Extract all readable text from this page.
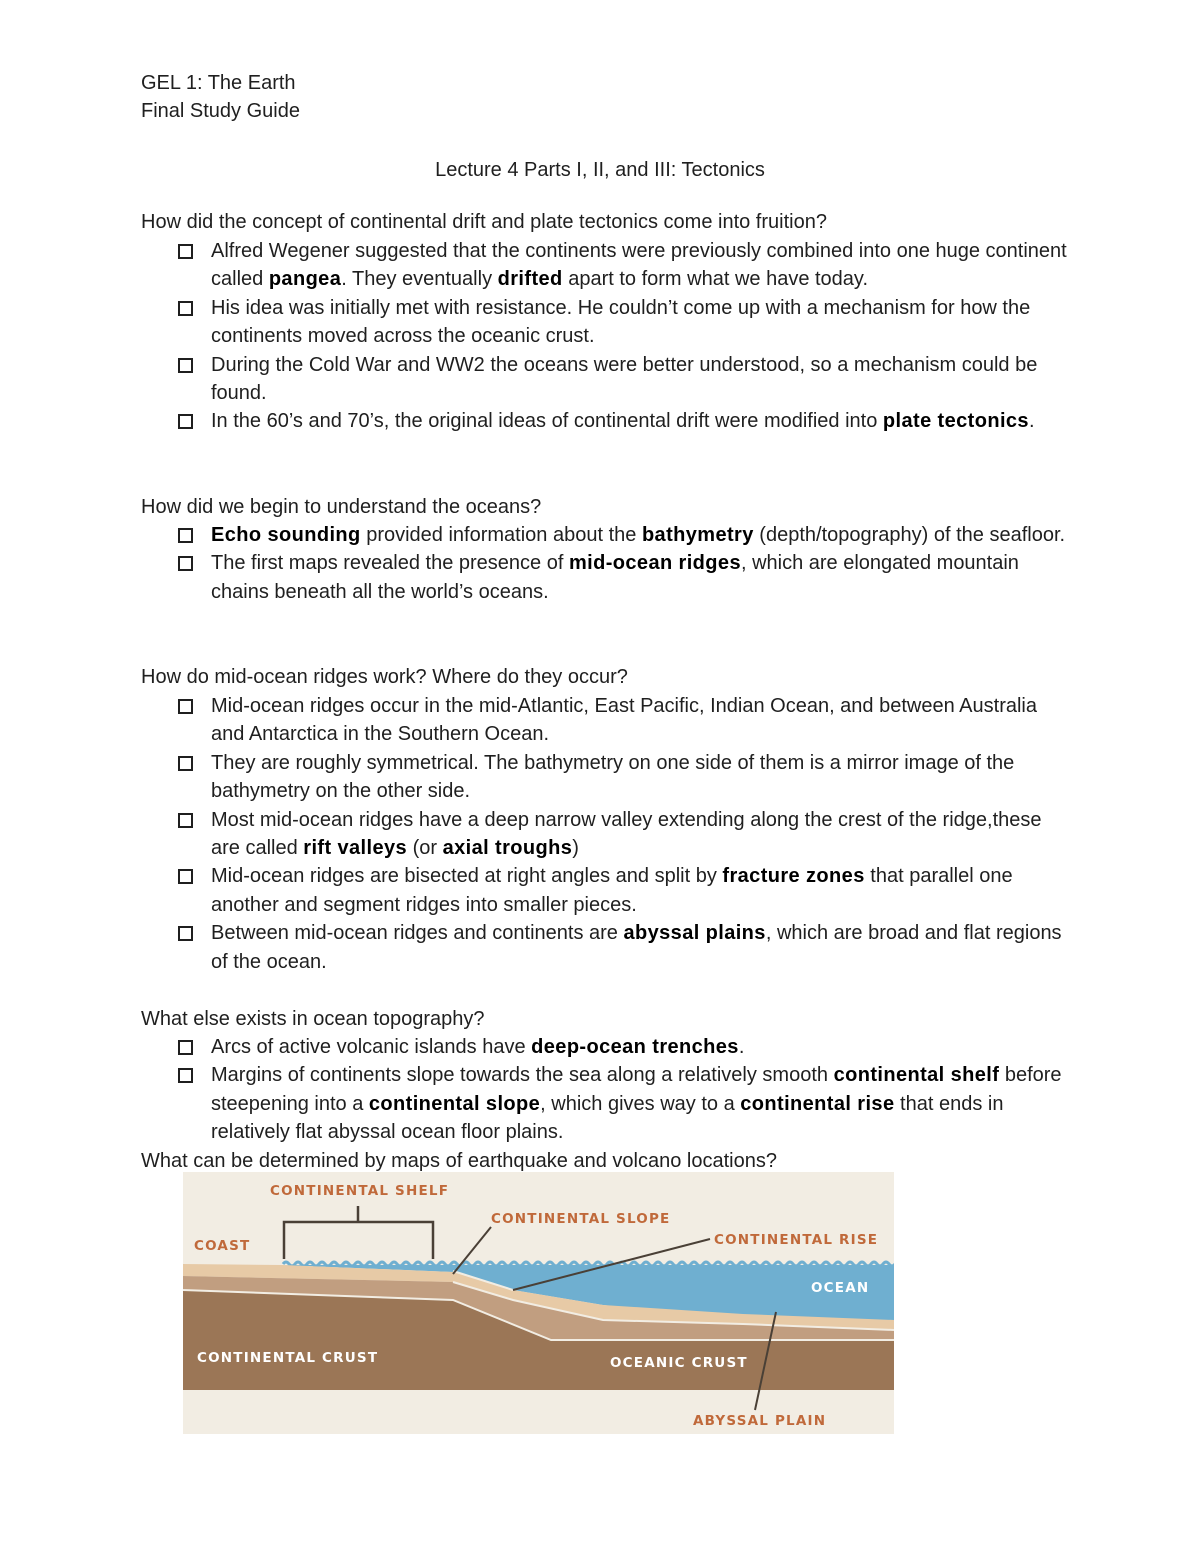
GEL 1: The Earth
Final Study Guide
Lecture 4 Parts I, II, and III: Tectonics
How did the concept of continental drift and plate tectonics come into fruition?
Alfred Wegener suggested that the continents were previously combined into one huge continent called pangea. They eventually drifted apart to form what we have today.
His idea was initially met with resistance. He couldn’t come up with a mechanism for how the continents moved across the oceanic crust.
During the Cold War and WW2 the oceans were better understood, so a mechanism could be found.
In the 60’s and 70’s, the original ideas of continental drift were modified into plate tectonics.
How did we begin to understand the oceans?
Echo sounding provided information about the bathymetry (depth/topography) of the seafloor.
The first maps revealed the presence of mid-ocean ridges, which are elongated mountain chains beneath all the world’s oceans.
How do mid-ocean ridges work? Where do they occur?
Mid-ocean ridges occur in the mid-Atlantic, East Pacific, Indian Ocean, and between Australia and Antarctica in the Southern Ocean.
They are roughly symmetrical. The bathymetry on one side of them is a mirror image of the bathymetry on the other side.
Most mid-ocean ridges have a deep narrow valley extending along the crest of the ridge,these are called rift valleys (or axial troughs)
Mid-ocean ridges are bisected at right angles and split by fracture zones that parallel one another and segment ridges into smaller pieces.
Between mid-ocean ridges and continents are abyssal plains, which are broad and flat regions of the ocean.
What else exists in ocean topography?
Arcs of active volcanic islands have deep-ocean trenches.
Margins of continents slope towards the sea along a relatively smooth continental shelf before steepening into a continental slope, which gives way to a continental rise that ends in relatively flat abyssal ocean floor plains.
What can be determined by maps of earthquake and volcano locations?
CONTINENTAL SHELF
COAST
CONTINENTAL SLOPE
CONTINENTAL RISE
OCEAN
CONTINENTAL CRUST	OCEANIC CRUST
ABYSSAL PLAIN
